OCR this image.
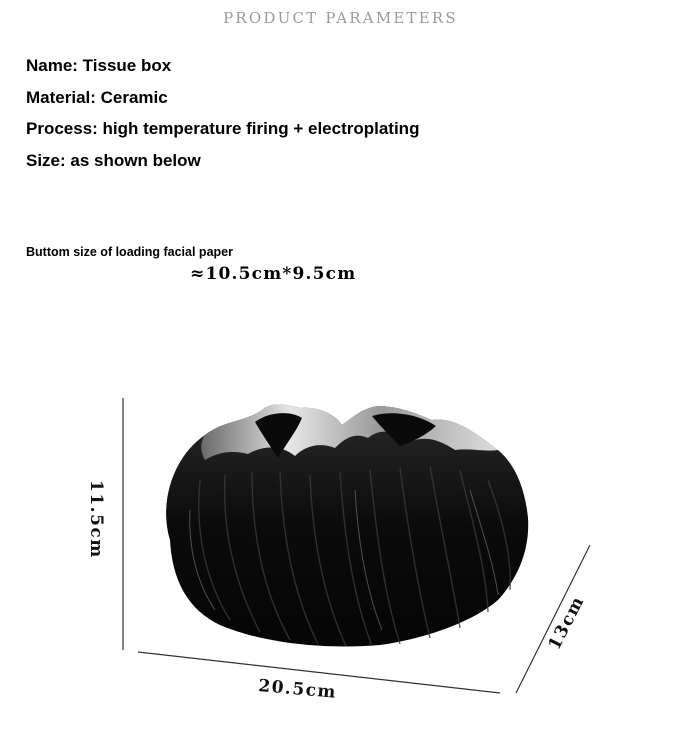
PRODUCT PARAMETERS
Name: Tissue box
Material: Ceramic
Process: high temperature firing + electroplating
Size: as shown below
Buttom size of loading facial paper
≈10.5cm*9.5cm
11.5cm
20.5cm
13cm
